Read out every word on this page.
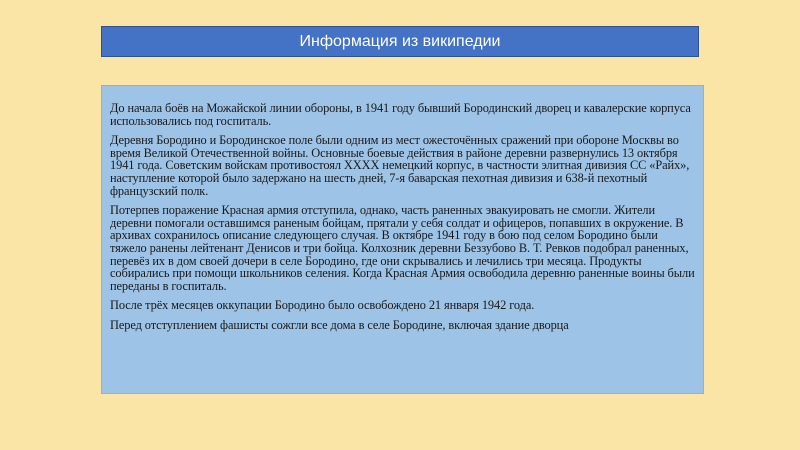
Информация из википедии

До начала боёв на Можайской линии обороны, в 1941 году бывший Бородинский дворец и кавалерские корпуса использовались под госпиталь.

Деревня Бородино и Бородинское поле были одним из мест ожесточённых сражений при обороне Москвы во время Великой Отечественной войны. Основные боевые действия в районе деревни развернулись 13 октября 1941 года. Советским войскам противостоял XXXX немецкий корпус, в частности элитная дивизия СС «Райх», наступление которой было задержано на шесть дней, 7-я баварская пехотная дивизия и 638-й пехотный французский полк.

Потерпев поражение Красная армия отступила, однако, часть раненных эвакуировать не смогли. Жители деревни помогали оставшимся раненым бойцам, прятали у себя солдат и офицеров, попавших в окружение. В архивах сохранилось описание следующего случая. В октябре 1941 году в бою под селом Бородино были тяжело ранены лейтенант Денисов и три бойца. Колхозник деревни Беззубово В. Т. Ревков подобрал раненных, перевёз их в дом своей дочери в селе Бородино, где они скрывались и лечились три месяца. Продукты собирались при помощи школьников селения. Когда Красная Армия освободила деревню раненные воины были переданы в госпиталь.

После трёх месяцев оккупации Бородино было освобождено 21 января 1942 года.

Перед отступлением фашисты сожгли все дома в селе Бородине, включая здание дворца
